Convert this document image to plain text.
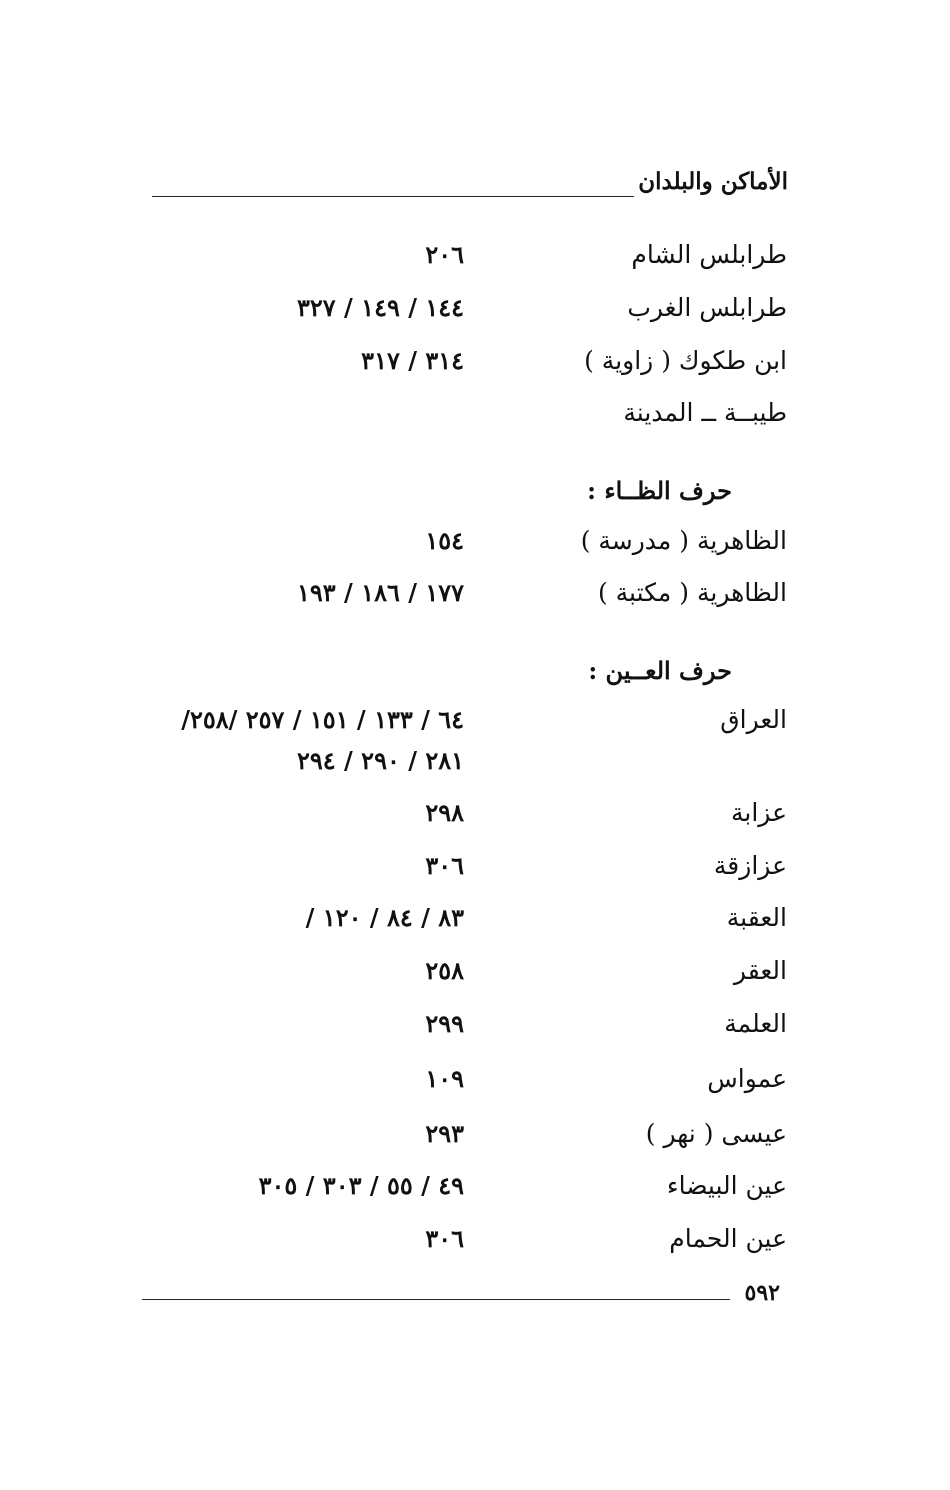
الأماكن والبلدان
طرابلس الشام
٢٠٦
طرابلس الغرب
١٤٤ / ١٤٩ / ٣٢٧
ابن طكوك ( زاوية )
٣١٤ / ٣١٧
طيبــة ــ المدينة
حرف الظــاء :
الظاهرية ( مدرسة )
١٥٤
الظاهرية ( مكتبة )
١٧٧ / ١٨٦ / ١٩٣
حرف العــين :
العراق
٦٤ / ١٣٣ / ١٥١ / ٢٥٧ /٢٥٨/
٢٨١ / ٢٩٠ / ٢٩٤
عزابة
٢٩٨
عزازقة
٣٠٦
العقبة
٨٣ / ٨٤ / ١٢٠ /
العقر
٢٥٨
العلمة
٢٩٩
عمواس
١٠٩
عيسى ( نهر )
٢٩٣
عين البيضاء
٤٩ / ٥٥ / ٣٠٣ / ٣٠٥
عين الحمام
٣٠٦
٥٩٢
